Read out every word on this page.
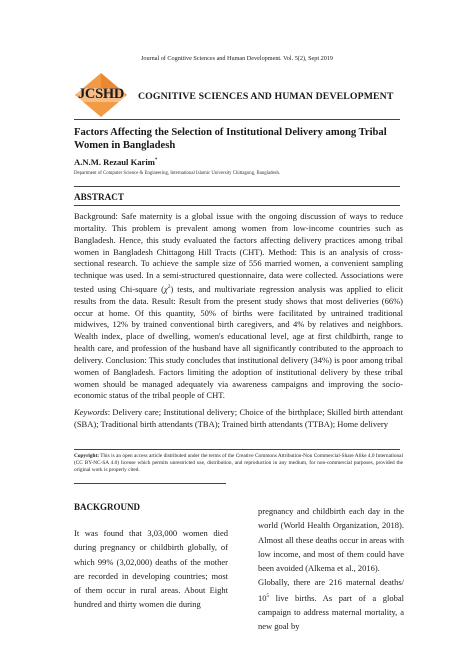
Journal of Cognitive Sciences and Human Development. Vol. 5(2), Sept 2019
JCSHD	COGNITIVE SCIENCES AND HUMAN DEVELOPMENT
Factors Affecting the Selection of Institutional Delivery among Tribal Women in Bangladesh
A.N.M. Rezaul Karim*
Department of Computer Science & Engineering, International Islamic University Chittagong, Bangladesh.
ABSTRACT
Background: Safe maternity is a global issue with the ongoing discussion of ways to reduce mortality. This problem is prevalent among women from low-income countries such as Bangladesh. Hence, this study evaluated the factors affecting delivery practices among tribal women in Bangladesh Chittagong Hill Tracts (CHT). Method: This is an analysis of cross-sectional research. To achieve the sample size of 556 married women, a convenient sampling technique was used. In a semi-structured questionnaire, data were collected. Associations were tested using Chi-square $(\chi^2)$ tests, and multivariate regression analysis was applied to elicit results from the data. Result: Result from the present study shows that most deliveries (66%) occur at home. Of this quantity, 50% of births were facilitated by untrained traditional midwives, 12% by trained conventional birth caregivers, and 4% by relatives and neighbors. Wealth index, place of dwelling, women's educational level, age at first childbirth, range to health care, and profession of the husband have all significantly contributed to the approach to delivery. Conclusion: This study concludes that institutional delivery (34%) is poor among tribal women of Bangladesh. Factors limiting the adoption of institutional delivery by these tribal women should be managed adequately via awareness campaigns and improving the socio-economic status of the tribal people of CHT.
Keywords: Delivery care; Institutional delivery; Choice of the birthplace; Skilled birth attendant (SBA); Traditional birth attendants (TBA); Trained birth attendants (TTBA); Home delivery
Copyright: This is an open access article distributed under the terms of the Creative Commons Attribution-Non Commercial-Share Alike 4.0 International (CC BY-NC-SA 4.0) license which permits unrestricted use, distribution, and reproduction in any medium, for non-commercial purposes, provided the original work is properly cited.
BACKGROUND
It was found that 3,03,000 women died during pregnancy or childbirth globally, of which 99% (3,02,000) deaths of the mother are recorded in developing countries; most of them occur in rural areas. About Eight hundred and thirty women die during
pregnancy and childbirth each day in the world (World Health Organization, 2018). Almost all these deaths occur in areas with low income, and most of them could have been avoided (Alkema et al., 2016).
Globally, there are 216 maternal deaths/ $10^5$ live births. As part of a global campaign to address maternal mortality, a new goal by
